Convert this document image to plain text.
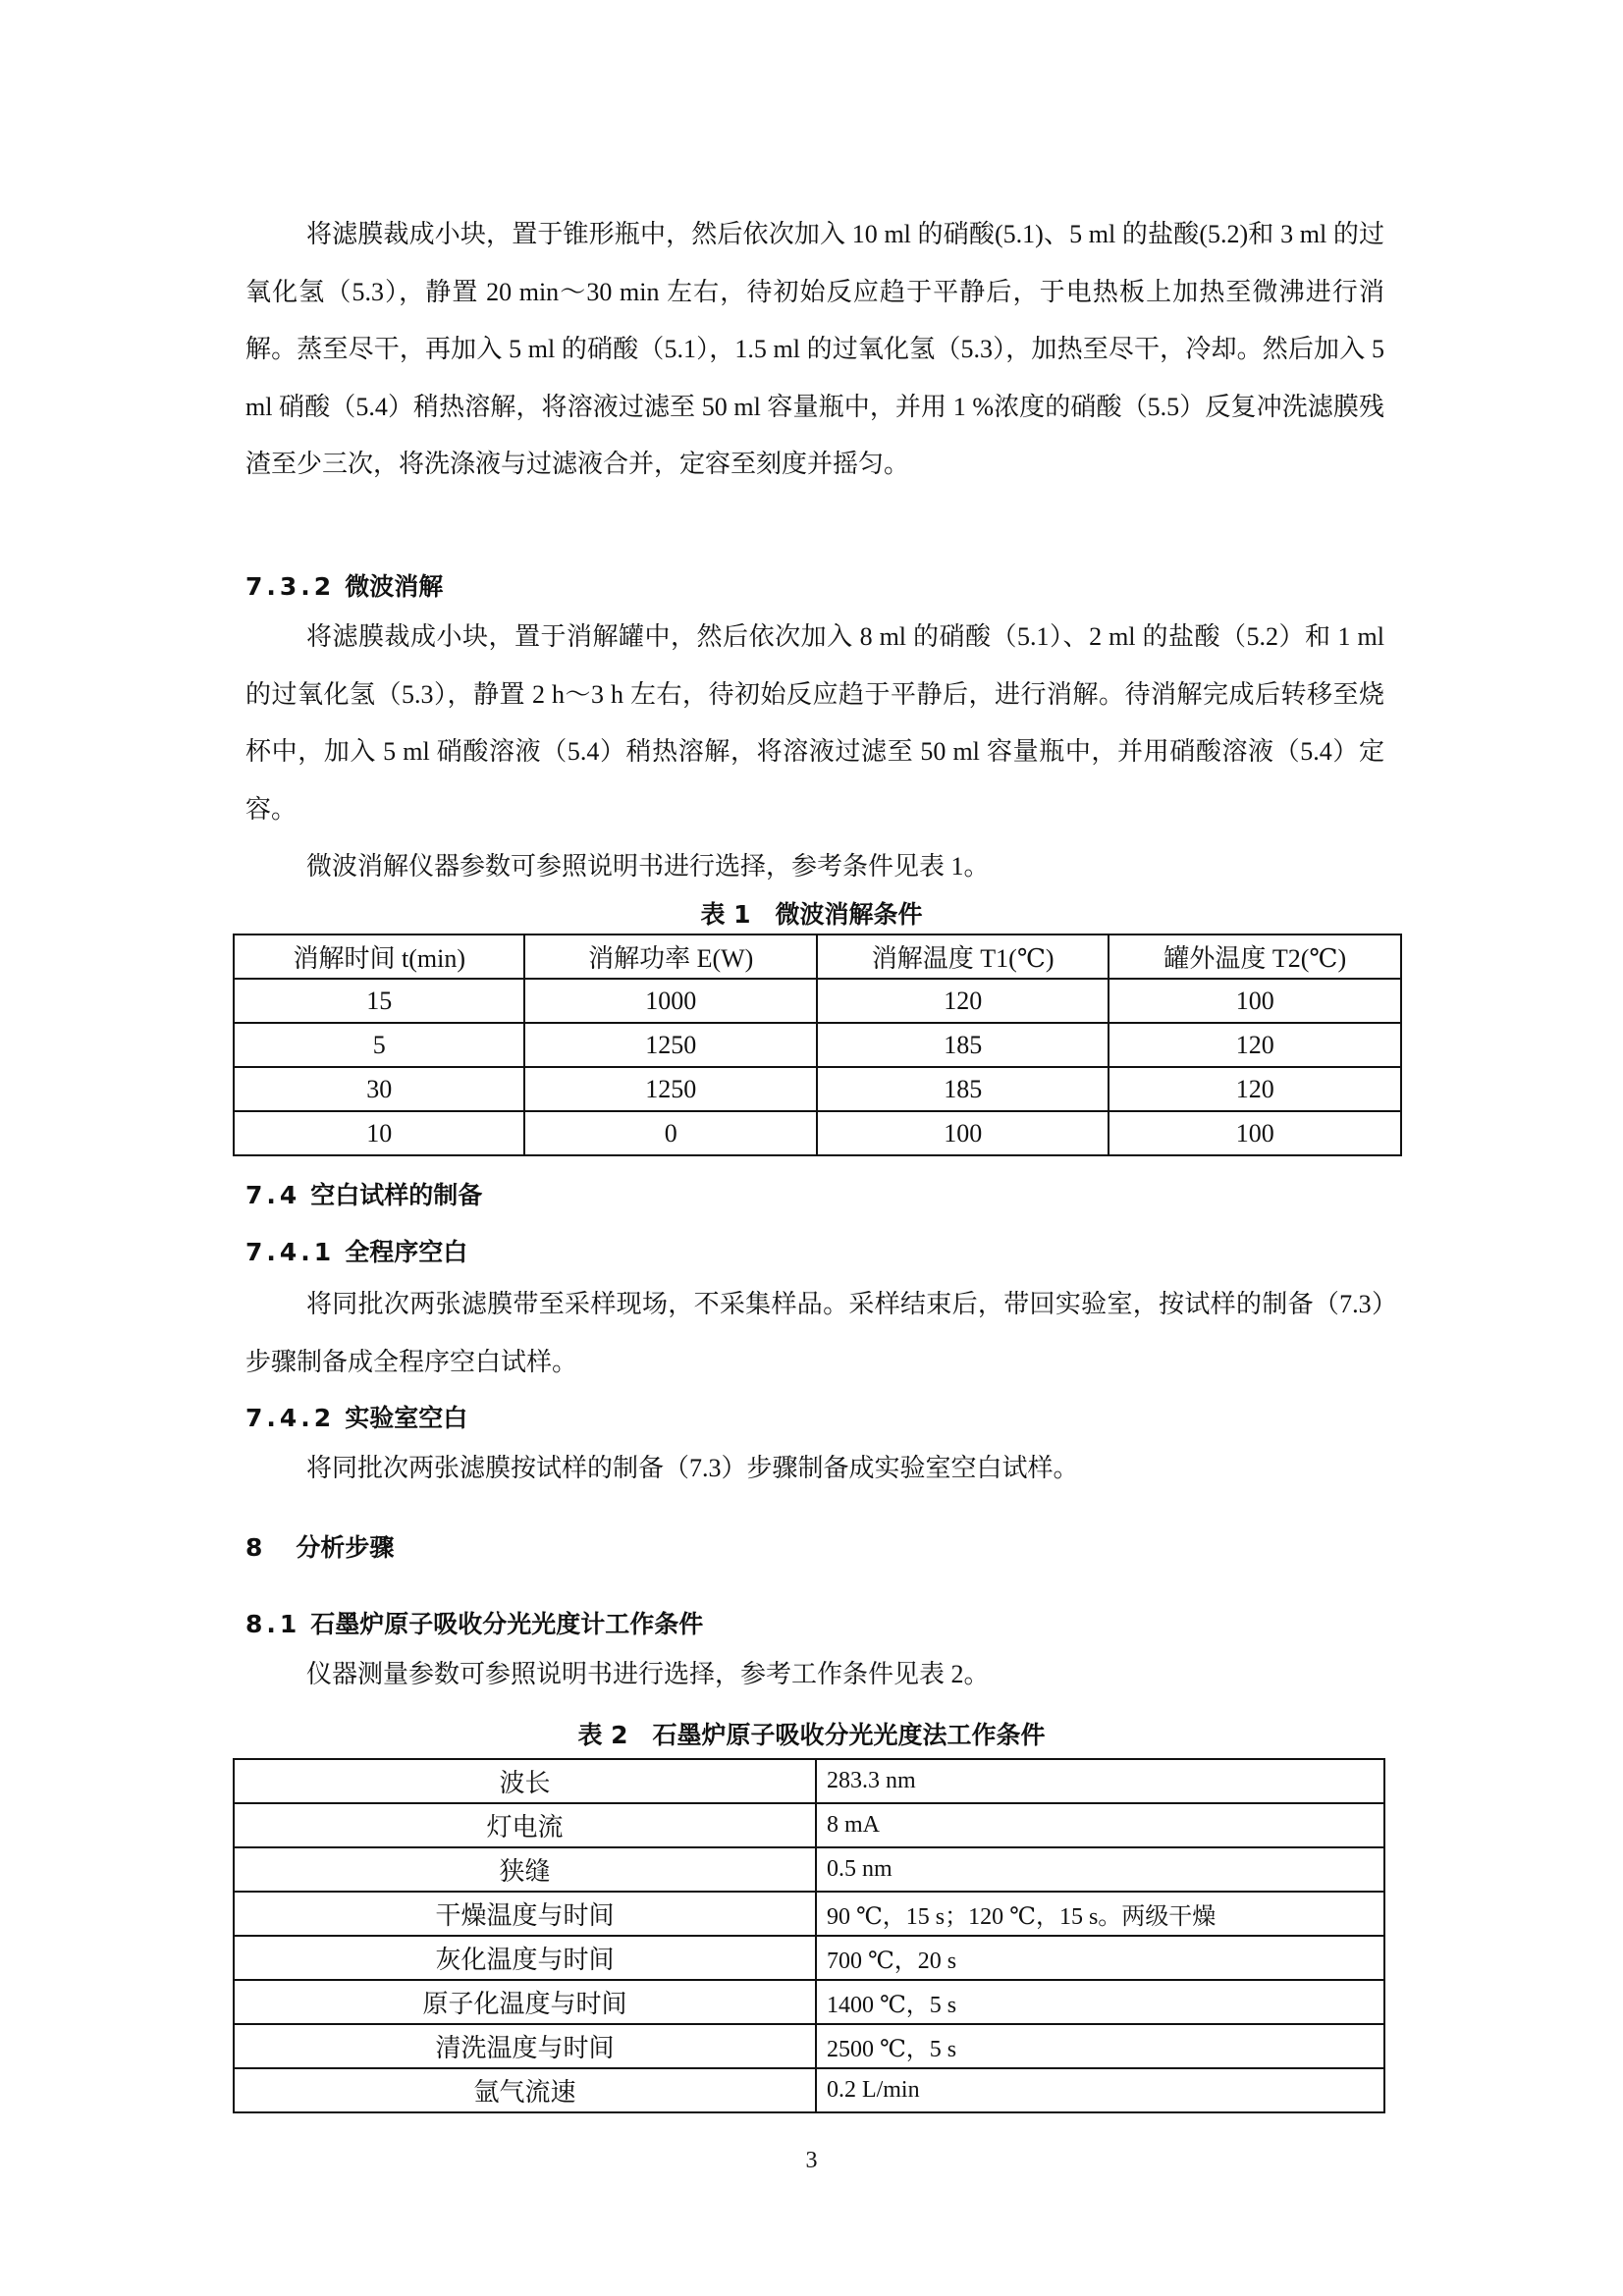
将滤膜裁成小块，置于锥形瓶中，然后依次加入 10 ml 的硝酸(5.1)、5 ml 的盐酸(5.2)和 3 ml 的过氧化氢（5.3），静置 20 min～30 min 左右，待初始反应趋于平静后，于电热板上加热至微沸进行消解。蒸至尽干，再加入 5 ml 的硝酸（5.1），1.5 ml 的过氧化氢（5.3），加热至尽干，冷却。然后加入 5 ml 硝酸（5.4）稍热溶解，将溶液过滤至 50 ml 容量瓶中，并用 1 %浓度的硝酸（5.5）反复冲洗滤膜残渣至少三次，将洗涤液与过滤液合并，定容至刻度并摇匀。

7.3.2 微波消解

将滤膜裁成小块，置于消解罐中，然后依次加入 8 ml 的硝酸（5.1）、2 ml 的盐酸（5.2）和 1 ml 的过氧化氢（5.3），静置 2 h～3 h 左右，待初始反应趋于平静后，进行消解。待消解完成后转移至烧杯中，加入 5 ml 硝酸溶液（5.4）稍热溶解，将溶液过滤至 50 ml 容量瓶中，并用硝酸溶液（5.4）定容。

微波消解仪器参数可参照说明书进行选择，参考条件见表 1。

表 1　微波消解条件
消解时间 t(min)	消解功率 E(W)	消解温度 T1(℃)	罐外温度 T2(℃)
15	1000	120	100
5	1250	185	120
30	1250	185	120
10	0	100	100
7.4 空白试样的制备
7.4.1 全程序空白

将同批次两张滤膜带至采样现场，不采集样品。采样结束后，带回实验室，按试样的制备（7.3）步骤制备成全程序空白试样。

7.4.2 实验室空白

将同批次两张滤膜按试样的制备（7.3）步骤制备成实验室空白试样。

8 分析步骤
8.1 石墨炉原子吸收分光光度计工作条件

仪器测量参数可参照说明书进行选择，参考工作条件见表 2。

表 2　石墨炉原子吸收分光光度法工作条件
波长	283.3 nm
灯电流	8 mA
狭缝	0.5 nm
干燥温度与时间	90 ℃，15 s；120 ℃，15 s。两级干燥
灰化温度与时间	700 ℃，20 s
原子化温度与时间	1400 ℃，5 s
清洗温度与时间	2500 ℃，5 s
氩气流速	0.2 L/min
3
